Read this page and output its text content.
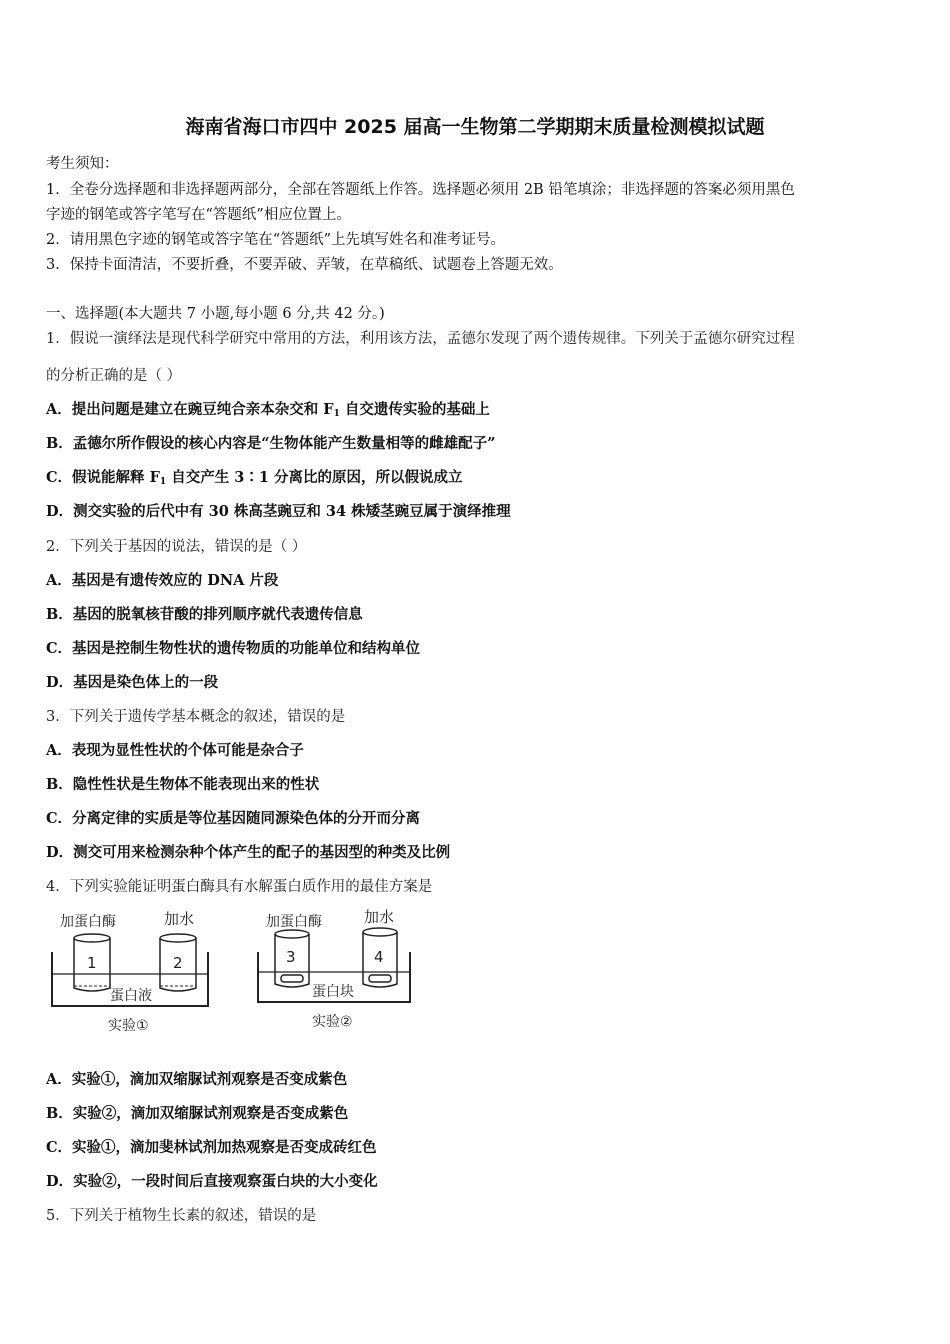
海南省海口市四中 2025 届高一生物第二学期期末质量检测模拟试题
考生须知：
1．全卷分选择题和非选择题两部分，全部在答题纸上作答。选择题必须用 2B 铅笔填涂；非选择题的答案必须用黑色
字迹的钢笔或答字笔写在“答题纸”相应位置上。
2．请用黑色字迹的钢笔或答字笔在“答题纸”上先填写姓名和准考证号。
3．保持卡面清洁，不要折叠，不要弄破、弄皱，在草稿纸、试题卷上答题无效。
一、选择题(本大题共 7 小题,每小题 6 分,共 42 分。)
1．假说一演绎法是现代科学研究中常用的方法，利用该方法，孟德尔发现了两个遗传规律。下列关于孟德尔研究过程
的分析正确的是（ ）
A．提出问题是建立在豌豆纯合亲本杂交和 $F_1$ 自交遗传实验的基础上
B．孟德尔所作假设的核心内容是“生物体能产生数量相等的雌雄配子”
C．假说能解释 $F_1$ 自交产生 3∶1 分离比的原因，所以假说成立
D．测交实验的后代中有 30 株高茎豌豆和 34 株矮茎豌豆属于演绎推理
2．下列关于基因的说法，错误的是（ ）
A．基因是有遗传效应的 DNA 片段
B．基因的脱氧核苷酸的排列顺序就代表遗传信息
C．基因是控制生物性状的遗传物质的功能单位和结构单位
D．基因是染色体上的一段
3．下列关于遗传学基本概念的叙述，错误的是
A．表现为显性性状的个体可能是杂合子
B．隐性性状是生物体不能表现出来的性状
C．分离定律的实质是等位基因随同源染色体的分开而分离
D．测交可用来检测杂种个体产生的配子的基因型的种类及比例
4．下列实验能证明蛋白酶具有水解蛋白质作用的最佳方案是
加蛋白酶	加水
1	2
蛋白液
实验①
加蛋白酶	加水
3	4
蛋白块
实验②
A．实验①，滴加双缩脲试剂观察是否变成紫色
B．实验②，滴加双缩脲试剂观察是否变成紫色
C．实验①，滴加斐林试剂加热观察是否变成砖红色
D．实验②，一段时间后直接观察蛋白块的大小变化
5．下列关于植物生长素的叙述，错误的是
